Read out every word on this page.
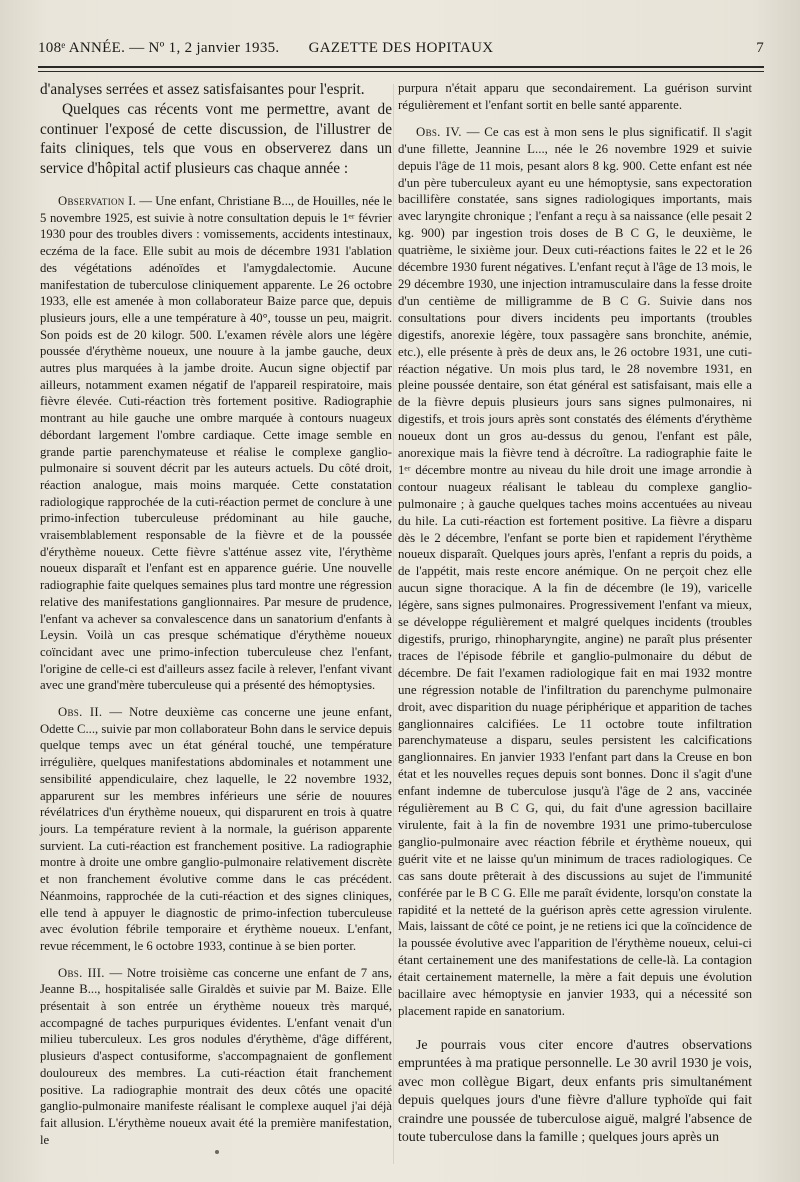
108ᵉ ANNÉE. — Nº 1, 2 janvier 1935.	GAZETTE DES HOPITAUX	7

d'analyses serrées et assez satisfaisantes pour l'esprit.

Quelques cas récents vont me permettre, avant de continuer l'exposé de cette discussion, de l'illustrer de faits cliniques, tels que vous en observerez dans un service d'hôpital actif plusieurs cas chaque année :

Observation I. — Une enfant, Christiane B..., de Houilles, née le 5 novembre 1925, est suivie à notre consultation depuis le 1ᵉʳ février 1930 pour des troubles divers : vomissements, accidents intestinaux, eczéma de la face. Elle subit au mois de décembre 1931 l'ablation des végétations adénoïdes et l'amygdalectomie. Aucune manifestation de tuberculose cliniquement apparente. Le 26 octobre 1933, elle est amenée à mon collaborateur Baize parce que, depuis plusieurs jours, elle a une température à 40°, tousse un peu, maigrit. Son poids est de 20 kilogr. 500. L'examen révèle alors une légère poussée d'érythème noueux, une nouure à la jambe gauche, deux autres plus marquées à la jambe droite. Aucun signe objectif par ailleurs, notamment examen négatif de l'appareil respiratoire, mais fièvre élevée. Cuti-réaction très fortement positive. Radiographie montrant au hile gauche une ombre marquée à contours nuageux débordant largement l'ombre cardiaque. Cette image semble en grande partie parenchymateuse et réalise le complexe ganglio-pulmonaire si souvent décrit par les auteurs actuels. Du côté droit, réaction analogue, mais moins marquée. Cette constatation radiologique rapprochée de la cuti-réaction permet de conclure à une primo-infection tuberculeuse prédominant au hile gauche, vraisemblablement responsable de la fièvre et de la poussée d'érythème noueux. Cette fièvre s'atténue assez vite, l'érythème noueux disparaît et l'enfant est en apparence guérie. Une nouvelle radiographie faite quelques semaines plus tard montre une régression relative des manifestations ganglionnaires. Par mesure de prudence, l'enfant va achever sa convalescence dans un sanatorium d'enfants à Leysin. Voilà un cas presque schématique d'érythème noueux coïncidant avec une primo-infection tuberculeuse chez l'enfant, l'origine de celle-ci est d'ailleurs assez facile à relever, l'enfant vivant avec une grand'mère tuberculeuse qui a présenté des hémoptysies.

Obs. II. — Notre deuxième cas concerne une jeune enfant, Odette C..., suivie par mon collaborateur Bohn dans le service depuis quelque temps avec un état général touché, une température irrégulière, quelques manifestations abdominales et notamment une sensibilité appendiculaire, chez laquelle, le 22 novembre 1932, apparurent sur les membres inférieurs une série de nouures révélatrices d'un érythème noueux, qui disparurent en trois à quatre jours. La température revient à la normale, la guérison apparente survient. La cuti-réaction est franchement positive. La radiographie montre à droite une ombre ganglio-pulmonaire relativement discrète et non franchement évolutive comme dans le cas précédent. Néanmoins, rapprochée de la cuti-réaction et des signes cliniques, elle tend à appuyer le diagnostic de primo-infection tuberculeuse avec évolution fébrile temporaire et érythème noueux. L'enfant, revue récemment, le 6 octobre 1933, continue à se bien porter.

Obs. III. — Notre troisième cas concerne une enfant de 7 ans, Jeanne B..., hospitalisée salle Giraldès et suivie par M. Baize. Elle présentait à son entrée un érythème noueux très marqué, accompagné de taches purpuriques évidentes. L'enfant venait d'un milieu tuberculeux. Les gros nodules d'érythème, d'âge différent, plusieurs d'aspect contusiforme, s'accompagnaient de gonflement douloureux des membres. La cuti-réaction était franchement positive. La radiographie montrait des deux côtés une opacité ganglio-pulmonaire manifeste réalisant le complexe auquel j'ai déjà fait allusion. L'érythème noueux avait été la première manifestation, le

purpura n'était apparu que secondairement. La guérison survint régulièrement et l'enfant sortit en belle santé apparente.

Obs. IV. — Ce cas est à mon sens le plus significatif. Il s'agit d'une fillette, Jeannine L..., née le 26 novembre 1929 et suivie depuis l'âge de 11 mois, pesant alors 8 kg. 900. Cette enfant est née d'un père tuberculeux ayant eu une hémoptysie, sans expectoration bacillifère constatée, sans signes radiologiques importants, mais avec laryngite chronique ; l'enfant a reçu à sa naissance (elle pesait 2 kg. 900) par ingestion trois doses de B C G, le deuxième, le quatrième, le sixième jour. Deux cuti-réactions faites le 22 et le 26 décembre 1930 furent négatives. L'enfant reçut à l'âge de 13 mois, le 29 décembre 1930, une injection intramusculaire dans la fesse droite d'un centième de milligramme de B C G. Suivie dans nos consultations pour divers incidents peu importants (troubles digestifs, anorexie légère, toux passagère sans bronchite, anémie, etc.), elle présente à près de deux ans, le 26 octobre 1931, une cuti-réaction négative. Un mois plus tard, le 28 novembre 1931, en pleine poussée dentaire, son état général est satisfaisant, mais elle a de la fièvre depuis plusieurs jours sans signes pulmonaires, ni digestifs, et trois jours après sont constatés des éléments d'érythème noueux dont un gros au-dessus du genou, l'enfant est pâle, anorexique mais la fièvre tend à décroître. La radiographie faite le 1ᵉʳ décembre montre au niveau du hile droit une image arrondie à contour nuageux réalisant le tableau du complexe ganglio-pulmonaire ; à gauche quelques taches moins accentuées au niveau du hile. La cuti-réaction est fortement positive. La fièvre a disparu dès le 2 décembre, l'enfant se porte bien et rapidement l'érythème noueux disparaît. Quelques jours après, l'enfant a repris du poids, a de l'appétit, mais reste encore anémique. On ne perçoit chez elle aucun signe thoracique. A la fin de décembre (le 19), varicelle légère, sans signes pulmonaires. Progressivement l'enfant va mieux, se développe régulièrement et malgré quelques incidents (troubles digestifs, prurigo, rhinopharyngite, angine) ne paraît plus présenter traces de l'épisode fébrile et ganglio-pulmonaire du début de décembre. De fait l'examen radiologique fait en mai 1932 montre une régression notable de l'infiltration du parenchyme pulmonaire droit, avec disparition du nuage périphérique et apparition de taches ganglionnaires calcifiées. Le 11 octobre toute infiltration parenchymateuse a disparu, seules persistent les calcifications ganglionnaires. En janvier 1933 l'enfant part dans la Creuse en bon état et les nouvelles reçues depuis sont bonnes. Donc il s'agit d'une enfant indemne de tuberculose jusqu'à l'âge de 2 ans, vaccinée régulièrement au B C G, qui, du fait d'une agression bacillaire virulente, fait à la fin de novembre 1931 une primo-tuberculose ganglio-pulmonaire avec réaction fébrile et érythème noueux, qui guérit vite et ne laisse qu'un minimum de traces radiologiques. Ce cas sans doute prêterait à des discussions au sujet de l'immunité conférée par le B C G. Elle me paraît évidente, lorsqu'on constate la rapidité et la netteté de la guérison après cette agression virulente. Mais, laissant de côté ce point, je ne retiens ici que la coïncidence de la poussée évolutive avec l'apparition de l'érythème noueux, celui-ci étant certainement une des manifestations de celle-là. La contagion était certainement maternelle, la mère a fait depuis une évolution bacillaire avec hémoptysie en janvier 1933, qui a nécessité son placement rapide en sanatorium.

Je pourrais vous citer encore d'autres observations empruntées à ma pratique personnelle. Le 30 avril 1930 je vois, avec mon collègue Bigart, deux enfants pris simultanément depuis quelques jours d'une fièvre d'allure typhoïde qui fait craindre une poussée de tuberculose aiguë, malgré l'absence de toute tuberculose dans la famille ; quelques jours après un
